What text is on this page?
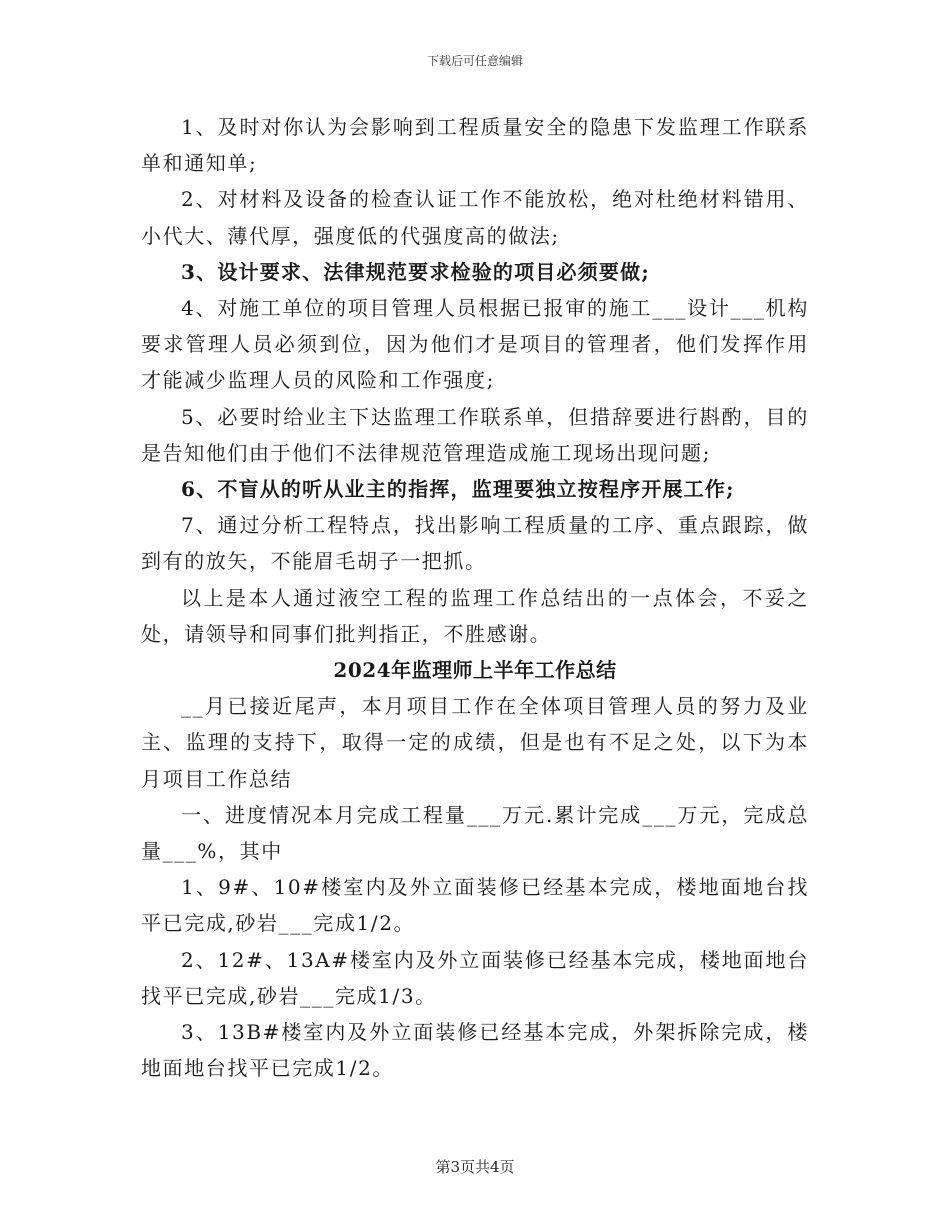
下载后可任意编辑

1、及时对你认为会影响到工程质量安全的隐患下发监理工作联系单和通知单;

2、对材料及设备的检查认证工作不能放松，绝对杜绝材料错用、小代大、薄代厚，强度低的代强度高的做法;

3、设计要求、法律规范要求检验的项目必须要做;

4、对施工单位的项目管理人员根据已报审的施工___设计___机构要求管理人员必须到位，因为他们才是项目的管理者，他们发挥作用才能减少监理人员的风险和工作强度;

5、必要时给业主下达监理工作联系单，但措辞要进行斟酌，目的是告知他们由于他们不法律规范管理造成施工现场出现问题;

6、不盲从的听从业主的指挥，监理要独立按程序开展工作;

7、通过分析工程特点，找出影响工程质量的工序、重点跟踪，做到有的放矢，不能眉毛胡子一把抓。

以上是本人通过液空工程的监理工作总结出的一点体会，不妥之处，请领导和同事们批判指正，不胜感谢。

2024年监理师上半年工作总结

__月已接近尾声，本月项目工作在全体项目管理人员的努力及业主、监理的支持下，取得一定的成绩，但是也有不足之处，以下为本月项目工作总结

一、进度情况本月完成工程量___万元.累计完成___万元，完成总量___%，其中

1、9#、10#楼室内及外立面装修已经基本完成，楼地面地台找平已完成,砂岩___完成1/2。

2、12#、13A#楼室内及外立面装修已经基本完成，楼地面地台找平已完成,砂岩___完成1/3。

3、13B#楼室内及外立面装修已经基本完成，外架拆除完成，楼地面地台找平已完成1/2。

第3页共4页
